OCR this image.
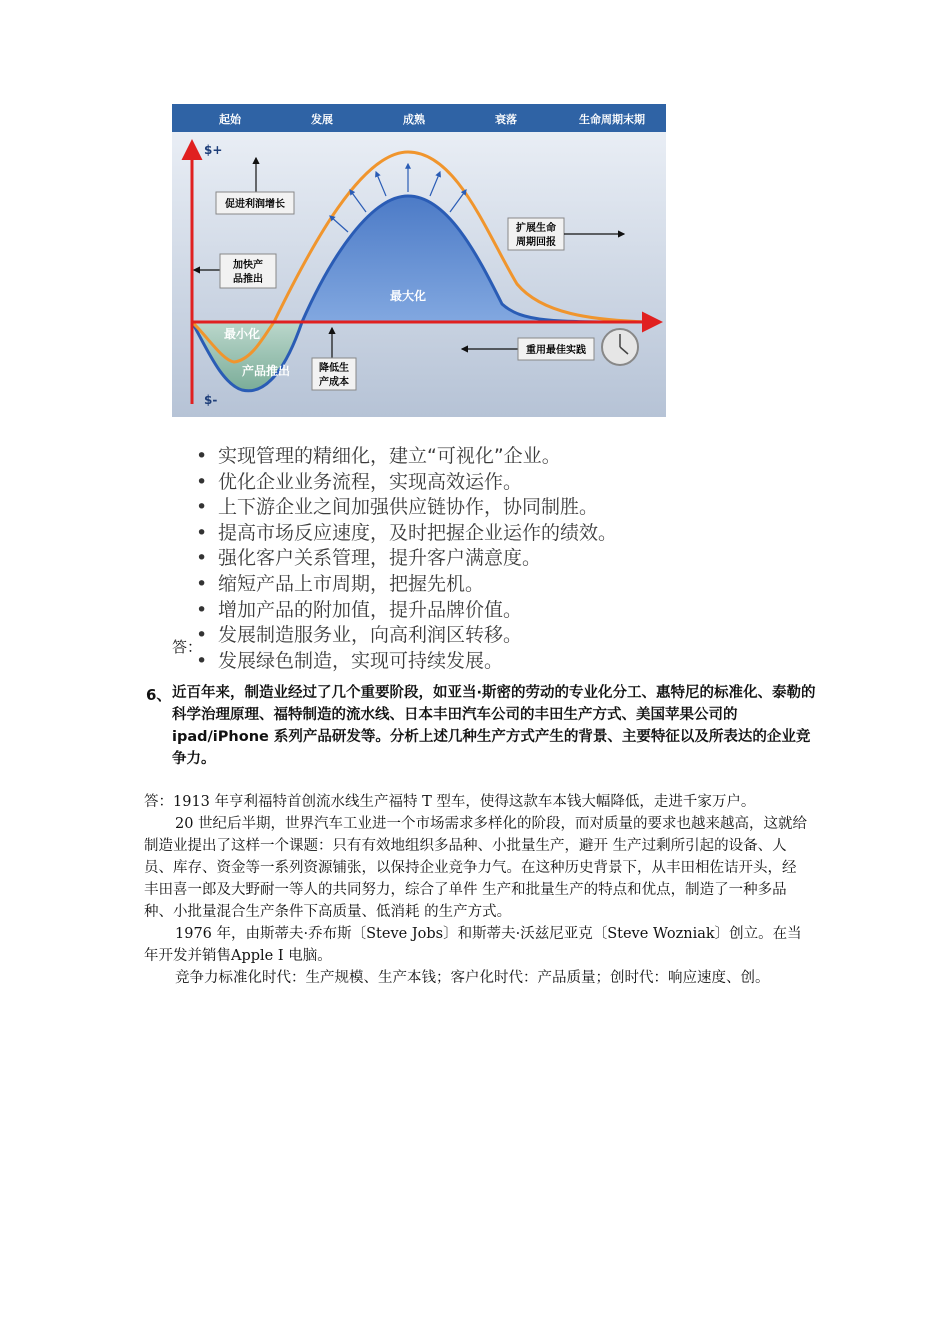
起始	发展	成熟	衰落	生命周期末期
$+
$-
促进利润增长
加快产
品推出
扩展生命
周期回报
降低生
产成本
重用最佳实践
最大化
最小化
产品推出
• 实现管理的精细化，建立“可视化”企业。
• 优化企业业务流程，实现高效运作。
• 上下游企业之间加强供应链协作，协同制胜。
• 提高市场反应速度，及时把握企业运作的绩效。
• 强化客户关系管理，提升客户满意度。
• 缩短产品上市周期，把握先机。
• 增加产品的附加值，提升品牌价值。
• 发展制造服务业，向高利润区转移。
• 发展绿色制造，实现可持续发展。
答：
6、 近百年来，制造业经过了几个重要阶段，如亚当·斯密的劳动的专业化分工、惠特尼的标准化、泰勒的科学治理原理、福特制造的流水线、日本丰田汽车公司的丰田生产方式、美国苹果公司的 ipad/iPhone 系列产品研发等。分析上述几种生产方式产生的背景、主要特征以及所表达的企业竞争力。

答：1913 年亨利福特首创流水线生产福特 T 型车，使得这款车本钱大幅降低，走进千家万户。

20 世纪后半期，世界汽车工业进一个市场需求多样化的阶段，而对质量的要求也越来越高，这就给制造业提出了这样一个课题：只有有效地组织多品种、小批量生产，避开 生产过剩所引起的设备、人员、库存、资金等一系列资源铺张，以保持企业竞争力气。在这种历史背景下，从丰田相佐诘开头，经丰田喜一郎及大野耐一等人的共同努力，综合了单件 生产和批量生产的特点和优点，制造了一种多品种、小批量混合生产条件下高质量、低消耗 的生产方式。

1976 年，由斯蒂夫·乔布斯〔Steve Jobs〕和斯蒂夫·沃兹尼亚克〔Steve Wozniak〕创立。在当年开发并销售Apple I 电脑。

竞争力标准化时代：生产规模、生产本钱；客户化时代：产品质量；创时代：响应速度、创。
